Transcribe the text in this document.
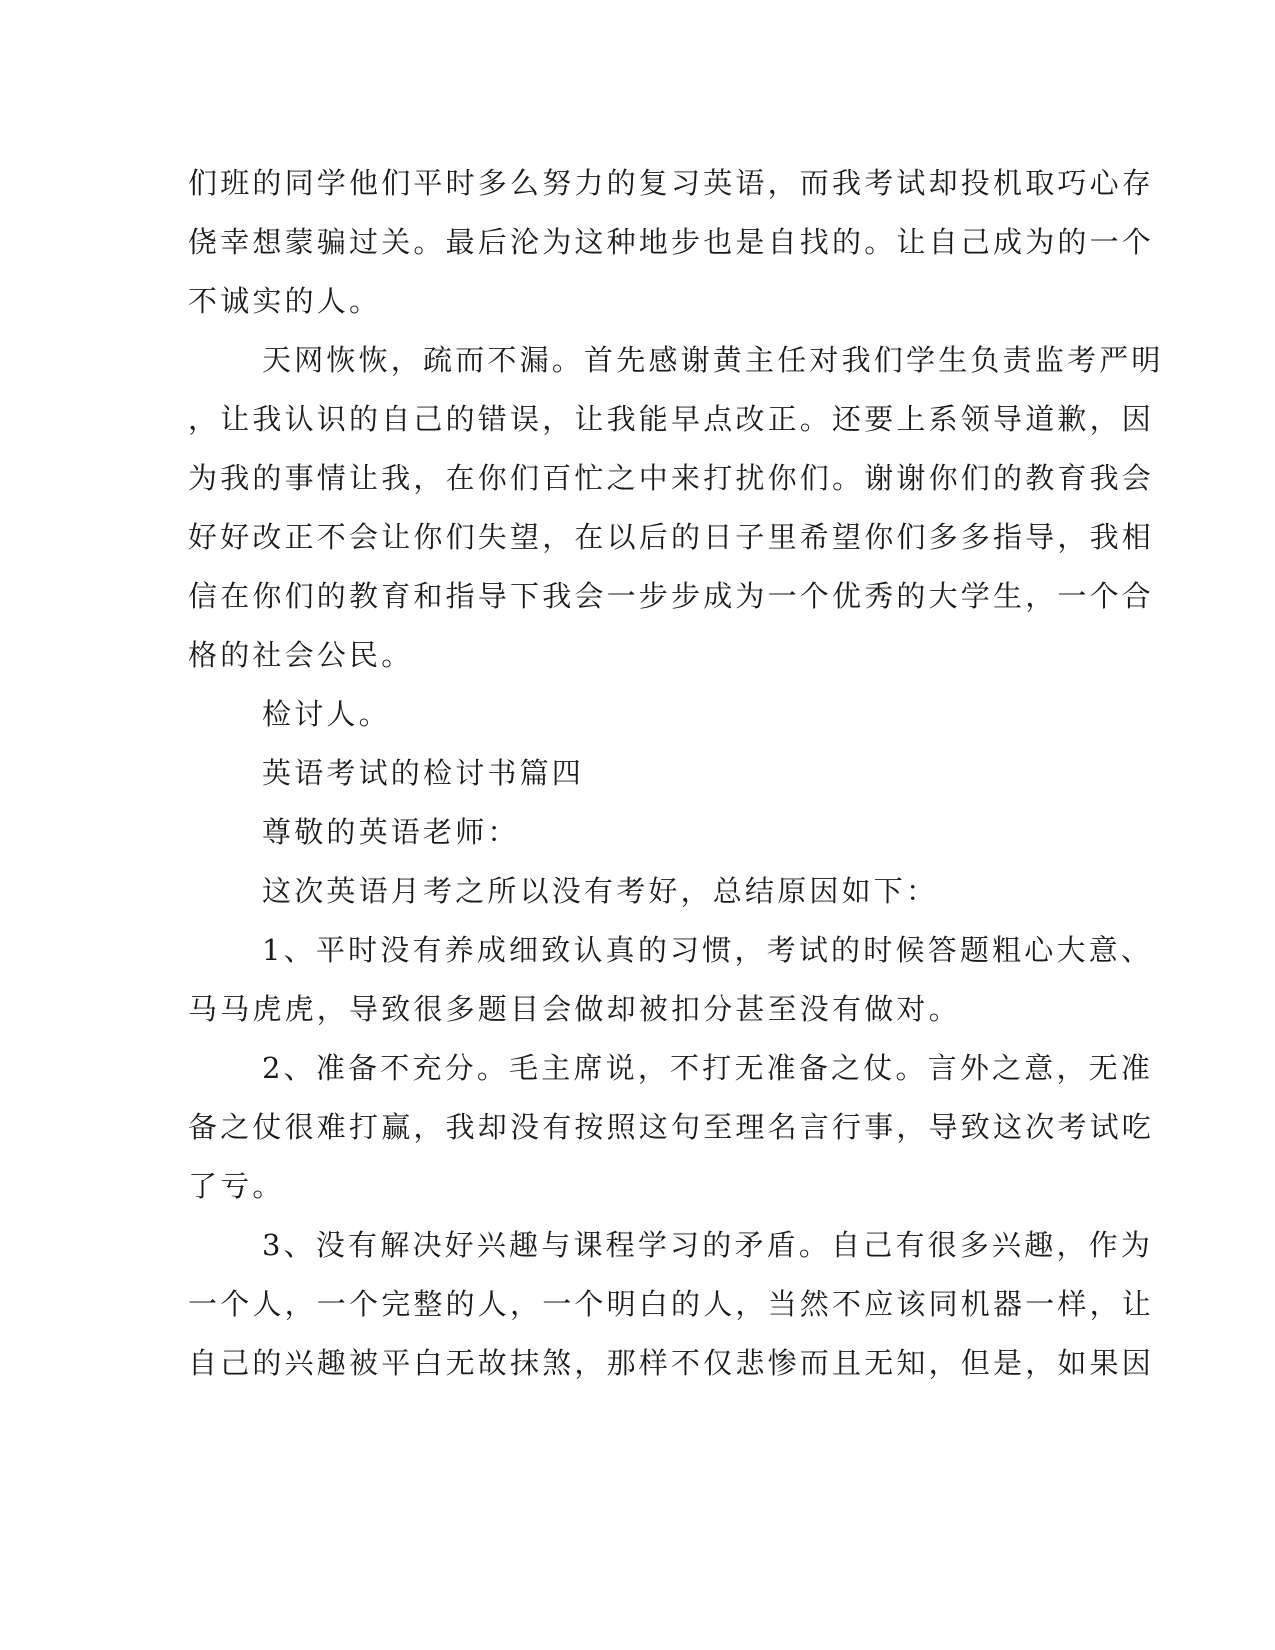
们班的同学他们平时多么努力的复习英语，而我考试却投机取巧心存
侥幸想蒙骗过关。最后沦为这种地步也是自找的。让自己成为的一个
不诚实的人。
天网恢恢，疏而不漏。首先感谢黄主任对我们学生负责监考严明
，让我认识的自己的错误，让我能早点改正。还要上系领导道歉，因
为我的事情让我，在你们百忙之中来打扰你们。谢谢你们的教育我会
好好改正不会让你们失望，在以后的日子里希望你们多多指导，我相
信在你们的教育和指导下我会一步步成为一个优秀的大学生，一个合
格的社会公民。
检讨人。
英语考试的检讨书篇四
尊敬的英语老师：
这次英语月考之所以没有考好，总结原因如下：
1、平时没有养成细致认真的习惯，考试的时候答题粗心大意、
马马虎虎，导致很多题目会做却被扣分甚至没有做对。
2、准备不充分。毛主席说，不打无准备之仗。言外之意，无准
备之仗很难打赢，我却没有按照这句至理名言行事，导致这次考试吃
了亏。
3、没有解决好兴趣与课程学习的矛盾。自己有很多兴趣，作为
一个人，一个完整的人，一个明白的人，当然不应该同机器一样，让
自己的兴趣被平白无故抹煞，那样不仅悲惨而且无知，但是，如果因
